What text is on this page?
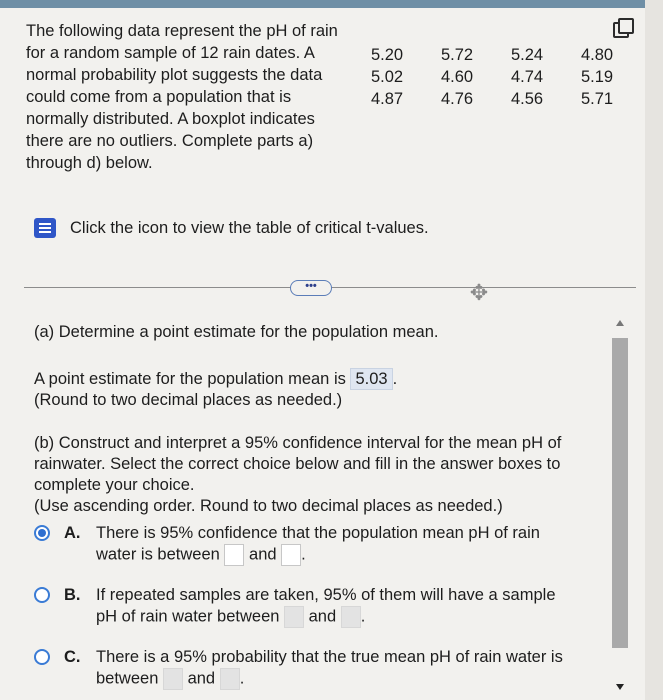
The following data represent the pH of rain for a random sample of 12 rain dates. A normal probability plot suggests the data could come from a population that is normally distributed. A boxplot indicates there are no outliers. Complete parts a) through d) below.
5.20	5.72	5.24	4.80
5.02	4.60	4.74	5.19
4.87	4.76	4.56	5.71
Click the icon to view the table of critical t-values.
•••	✥
(a) Determine a point estimate for the population mean.
A point estimate for the population mean is 5.03 .
(Round to two decimal places as needed.)
(b) Construct and interpret a 95% confidence interval for the mean pH of rainwater. Select the correct choice below and fill in the answer boxes to complete your choice.
(Use ascending order. Round to two decimal places as needed.)
A. There is 95% confidence that the population mean pH of rain
water is between and .
B. If repeated samples are taken, 95% of them will have a sample
pH of rain water between and .
C. There is a 95% probability that the true mean pH of rain water is
between and .
